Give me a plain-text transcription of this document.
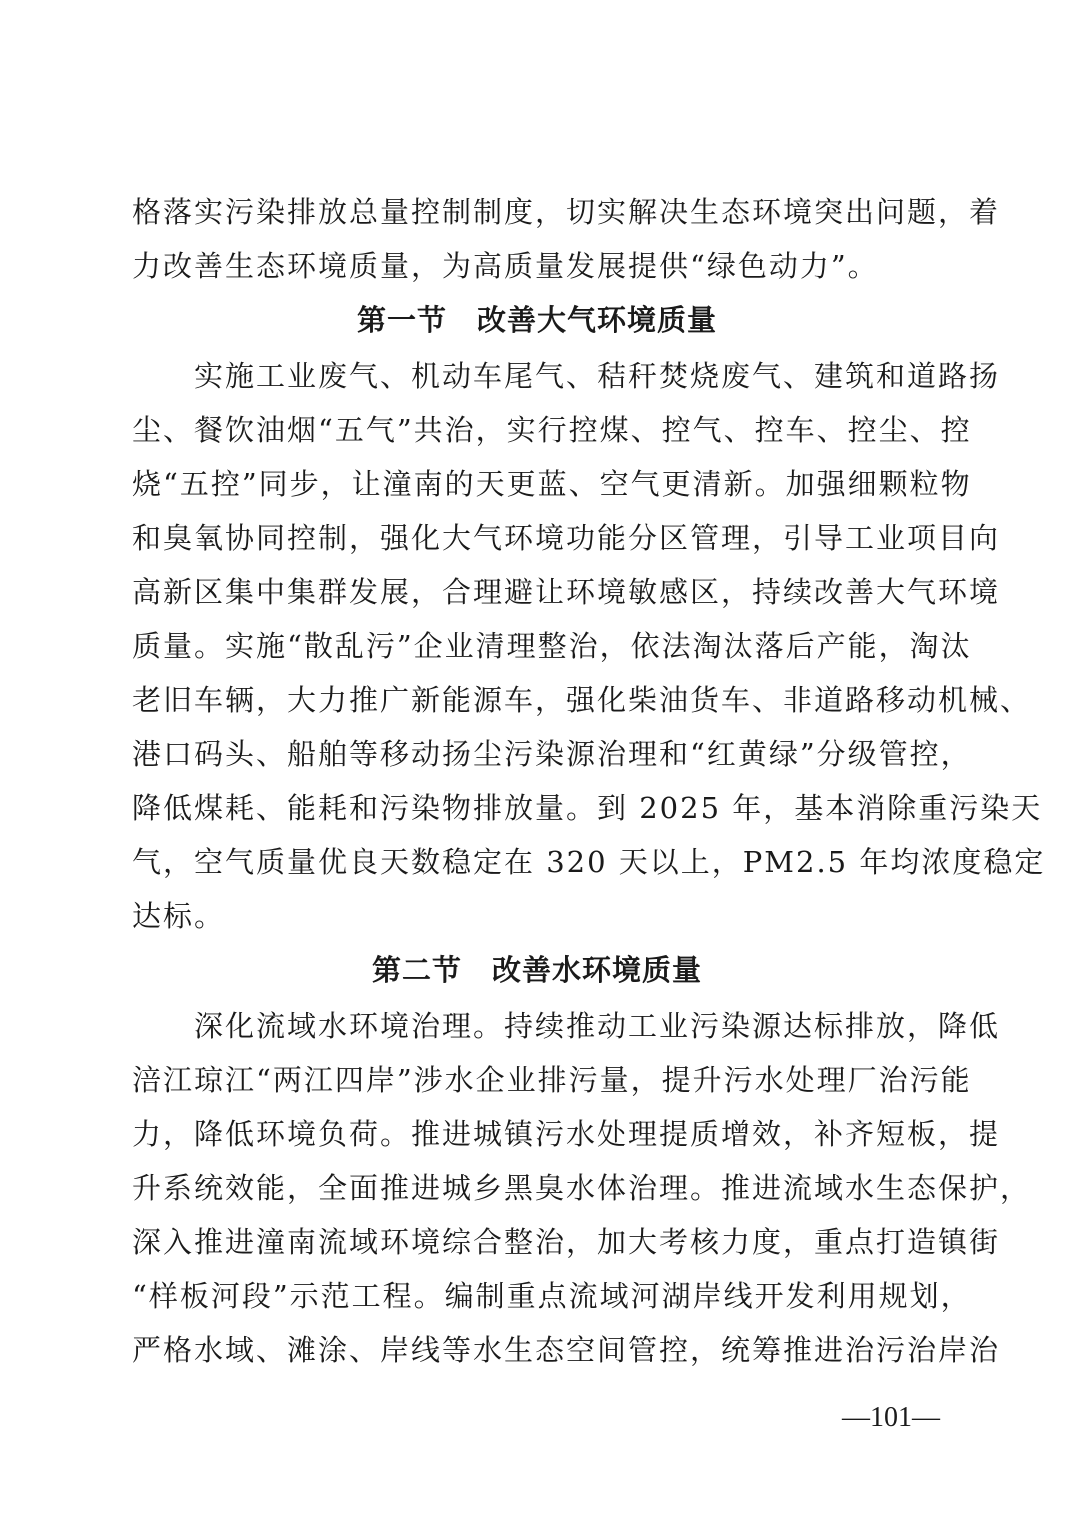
格落实污染排放总量控制制度，切实解决生态环境突出问题，着
力改善生态环境质量，为高质量发展提供“绿色动力”。
第一节　改善大气环境质量
　　实施工业废气、机动车尾气、秸秆焚烧废气、建筑和道路扬
尘、餐饮油烟“五气”共治，实行控煤、控气、控车、控尘、控
烧“五控”同步，让潼南的天更蓝、空气更清新。加强细颗粒物
和臭氧协同控制，强化大气环境功能分区管理，引导工业项目向
高新区集中集群发展，合理避让环境敏感区，持续改善大气环境
质量。实施“散乱污”企业清理整治，依法淘汰落后产能，淘汰
老旧车辆，大力推广新能源车，强化柴油货车、非道路移动机械、
港口码头、船舶等移动扬尘污染源治理和“红黄绿”分级管控，
降低煤耗、能耗和污染物排放量。到 2025 年，基本消除重污染天
气，空气质量优良天数稳定在 320 天以上，PM2.5 年均浓度稳定
达标。
第二节　改善水环境质量
　　深化流域水环境治理。持续推动工业污染源达标排放，降低
涪江琼江“两江四岸”涉水企业排污量，提升污水处理厂治污能
力，降低环境负荷。推进城镇污水处理提质增效，补齐短板，提
升系统效能，全面推进城乡黑臭水体治理。推进流域水生态保护，
深入推进潼南流域环境综合整治，加大考核力度，重点打造镇街
“样板河段”示范工程。编制重点流域河湖岸线开发利用规划，
严格水域、滩涂、岸线等水生态空间管控，统筹推进治污治岸治
—101—
